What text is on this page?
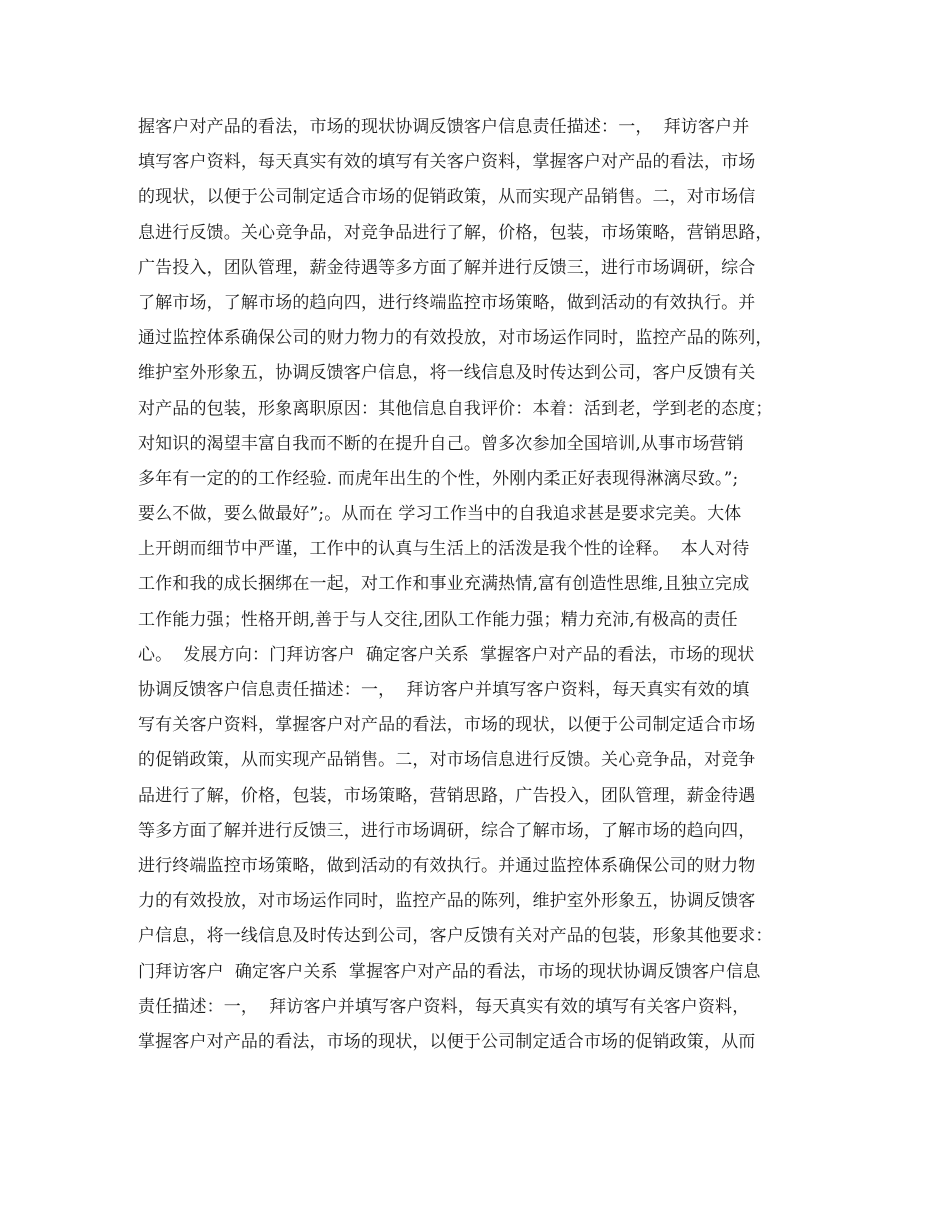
握客户对产品的看法，市场的现状协调反馈客户信息责任描述：一，  拜访客户并
填写客户资料，每天真实有效的填写有关客户资料，掌握客户对产品的看法，市场
的现状，以便于公司制定适合市场的促销政策，从而实现产品销售。二，对市场信
息进行反馈。关心竞争品，对竞争品进行了解，价格，包装，市场策略，营销思路，
广告投入，团队管理，薪金待遇等多方面了解并进行反馈三，进行市场调研，综合
了解市场，了解市场的趋向四，进行终端监控市场策略，做到活动的有效执行。并
通过监控体系确保公司的财力物力的有效投放，对市场运作同时，监控产品的陈列，
维护室外形象五，协调反馈客户信息，将一线信息及时传达到公司，客户反馈有关
对产品的包装，形象离职原因：其他信息自我评价：本着：活到老，学到老的态度；
对知识的渴望丰富自我而不断的在提升自己。曾多次参加全国培训,从事市场营销
多年有一定的的工作经验. 而虎年出生的个性，外刚内柔正好表现得淋漓尽致。”;
要么不做，要么做最好”;。从而在 学习工作当中的自我追求甚是要求完美。大体
上开朗而细节中严谨，工作中的认真与生活上的活泼是我个性的诠释。  本人对待
工作和我的成长捆绑在一起，对工作和事业充满热情,富有创造性思维,且独立完成
工作能力强；性格开朗,善于与人交往,团队工作能力强；精力充沛,有极高的责任
心。  发展方向：门拜访客户  确定客户关系  掌握客户对产品的看法，市场的现状
协调反馈客户信息责任描述：一，  拜访客户并填写客户资料，每天真实有效的填
写有关客户资料，掌握客户对产品的看法，市场的现状，以便于公司制定适合市场
的促销政策，从而实现产品销售。二，对市场信息进行反馈。关心竞争品，对竞争
品进行了解，价格，包装，市场策略，营销思路，广告投入，团队管理，薪金待遇
等多方面了解并进行反馈三，进行市场调研，综合了解市场，了解市场的趋向四，
进行终端监控市场策略，做到活动的有效执行。并通过监控体系确保公司的财力物
力的有效投放，对市场运作同时，监控产品的陈列，维护室外形象五，协调反馈客
户信息，将一线信息及时传达到公司，客户反馈有关对产品的包装，形象其他要求：
门拜访客户  确定客户关系  掌握客户对产品的看法，市场的现状协调反馈客户信息
责任描述：一，  拜访客户并填写客户资料，每天真实有效的填写有关客户资料，
掌握客户对产品的看法，市场的现状，以便于公司制定适合市场的促销政策，从而
